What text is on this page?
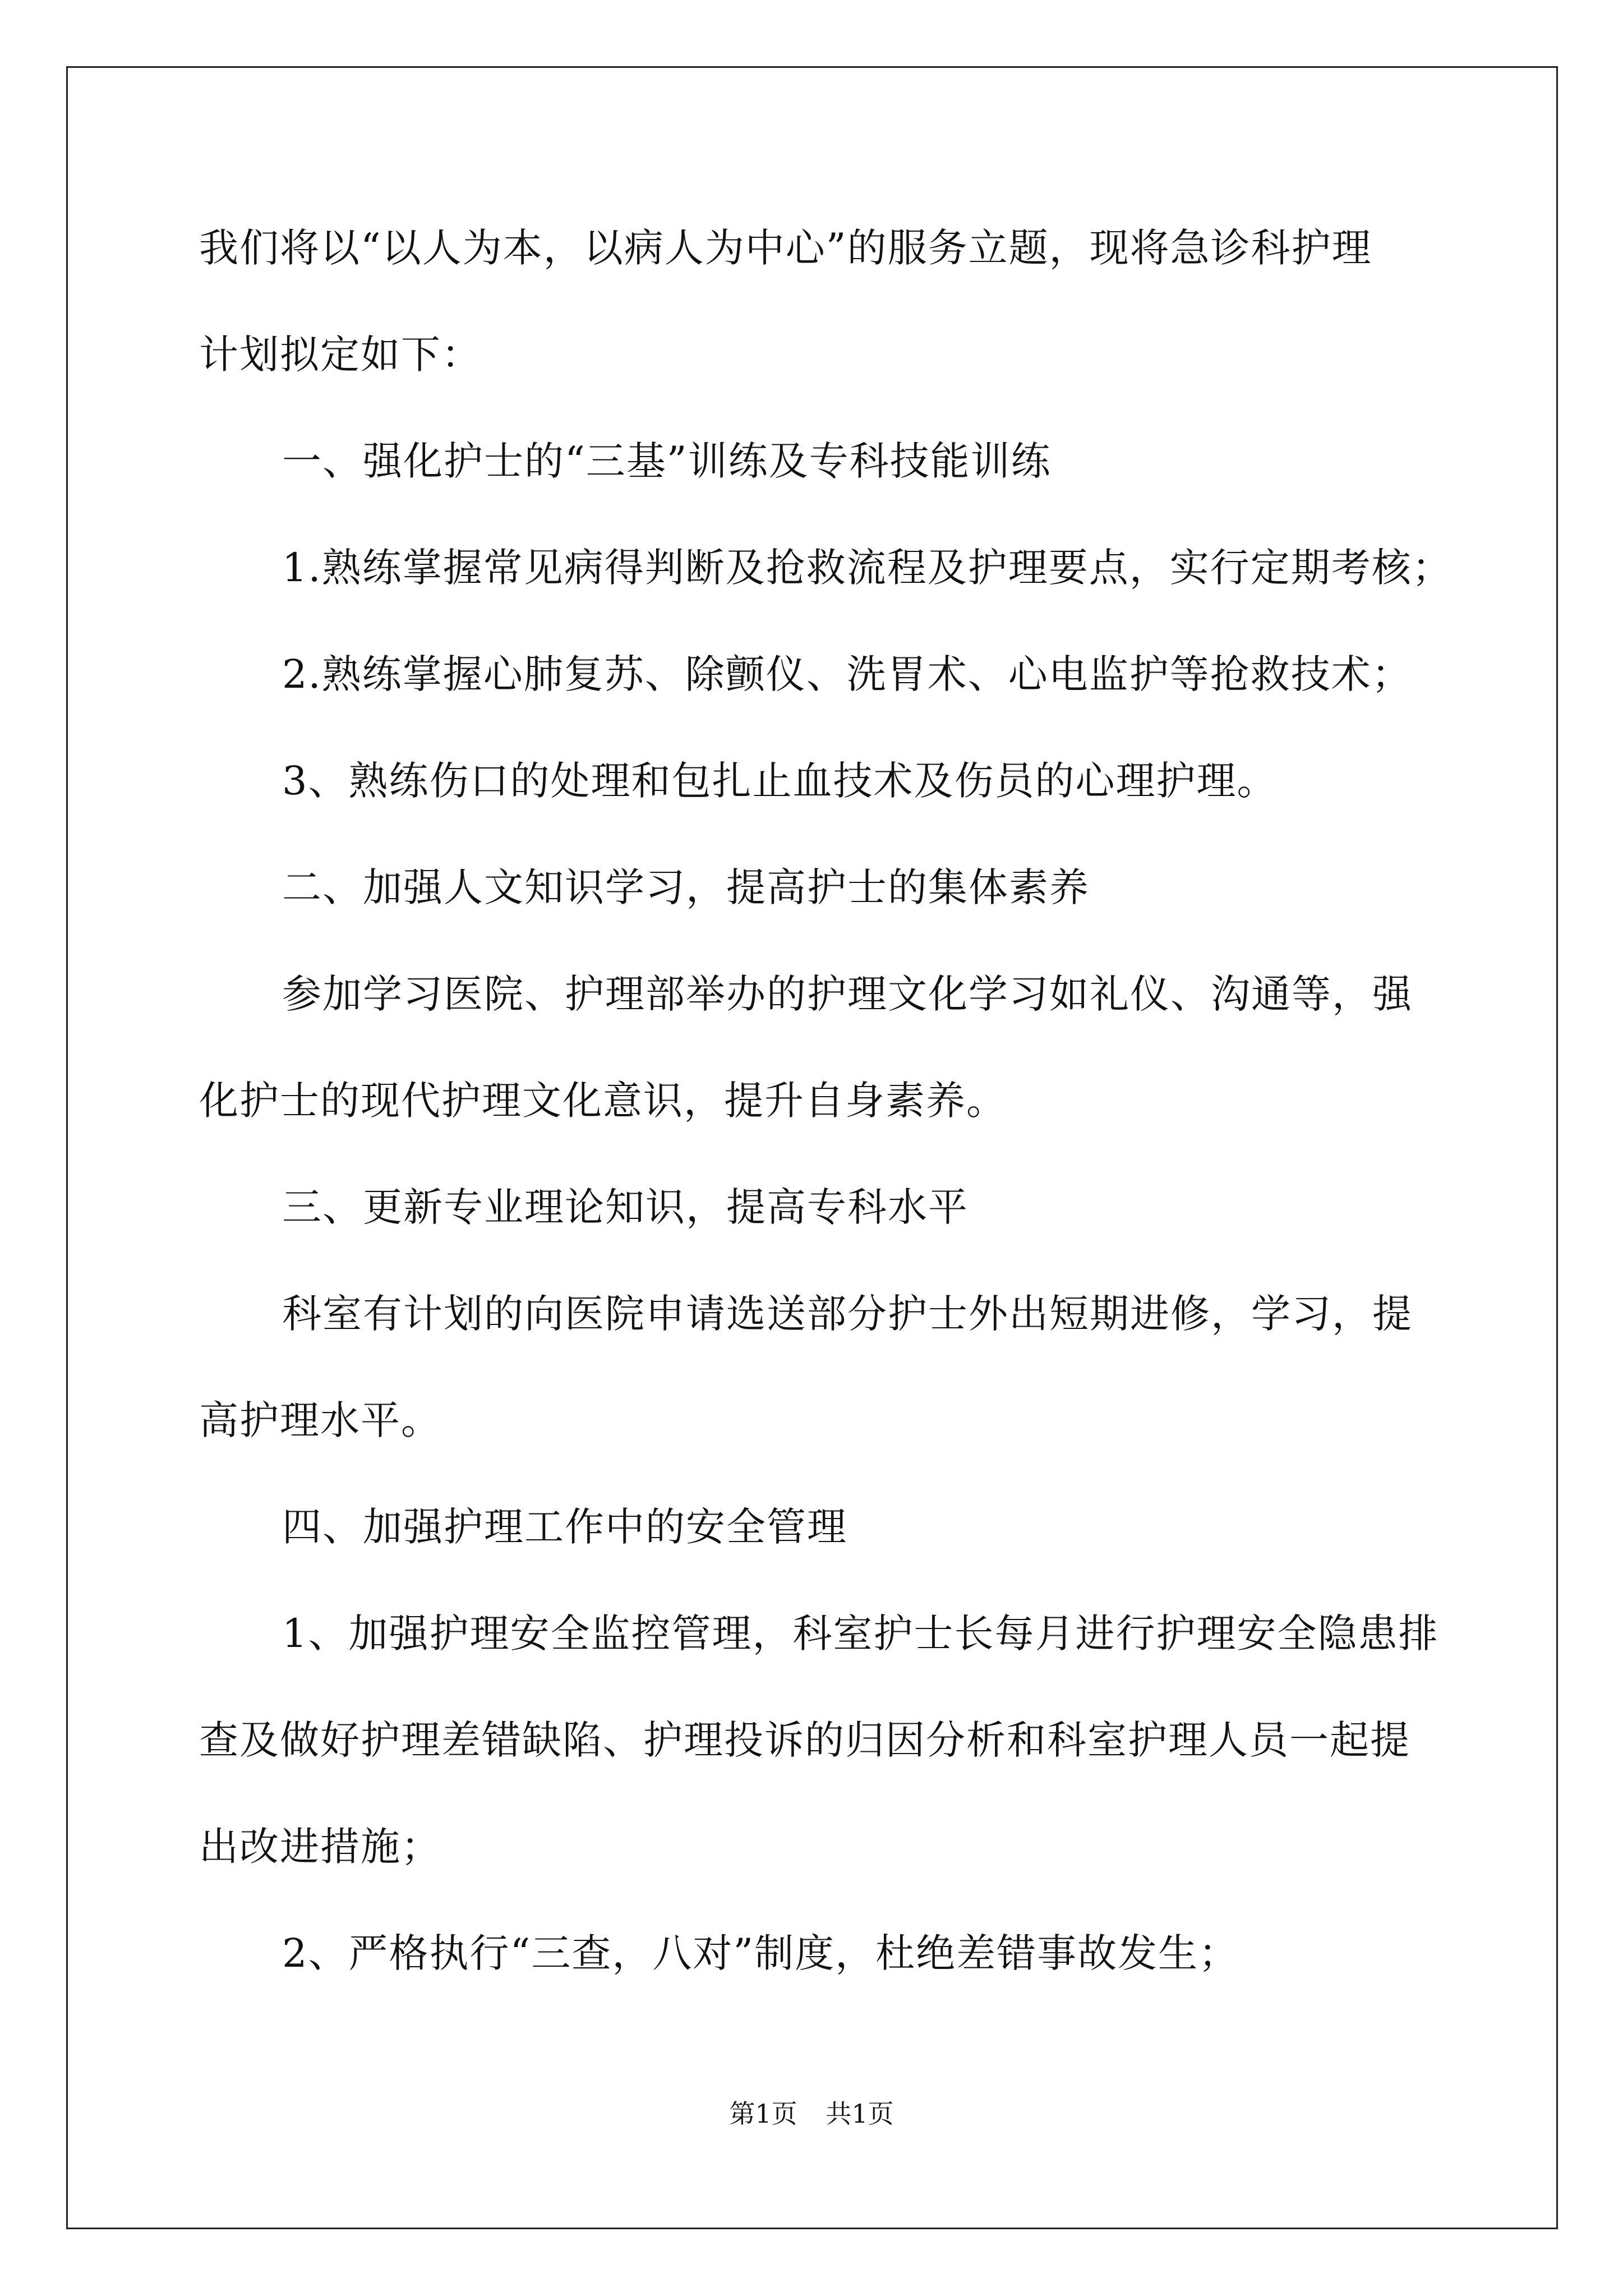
我们将以“以人为本，以病人为中心”的服务立题，现将急诊科护理
计划拟定如下：
一、强化护士的“三基”训练及专科技能训练
1.熟练掌握常见病得判断及抢救流程及护理要点，实行定期考核；
2.熟练掌握心肺复苏、除颤仪、洗胃术、心电监护等抢救技术；
3、熟练伤口的处理和包扎止血技术及伤员的心理护理。
二、加强人文知识学习，提高护士的集体素养
参加学习医院、护理部举办的护理文化学习如礼仪、沟通等，强
化护士的现代护理文化意识，提升自身素养。
三、更新专业理论知识，提高专科水平
科室有计划的向医院申请选送部分护士外出短期进修，学习，提
高护理水平。
四、加强护理工作中的安全管理
1、加强护理安全监控管理，科室护士长每月进行护理安全隐患排
查及做好护理差错缺陷、护理投诉的归因分析和科室护理人员一起提
出改进措施；
2、严格执行“三查，八对”制度，杜绝差错事故发生；
第1页 共1页
